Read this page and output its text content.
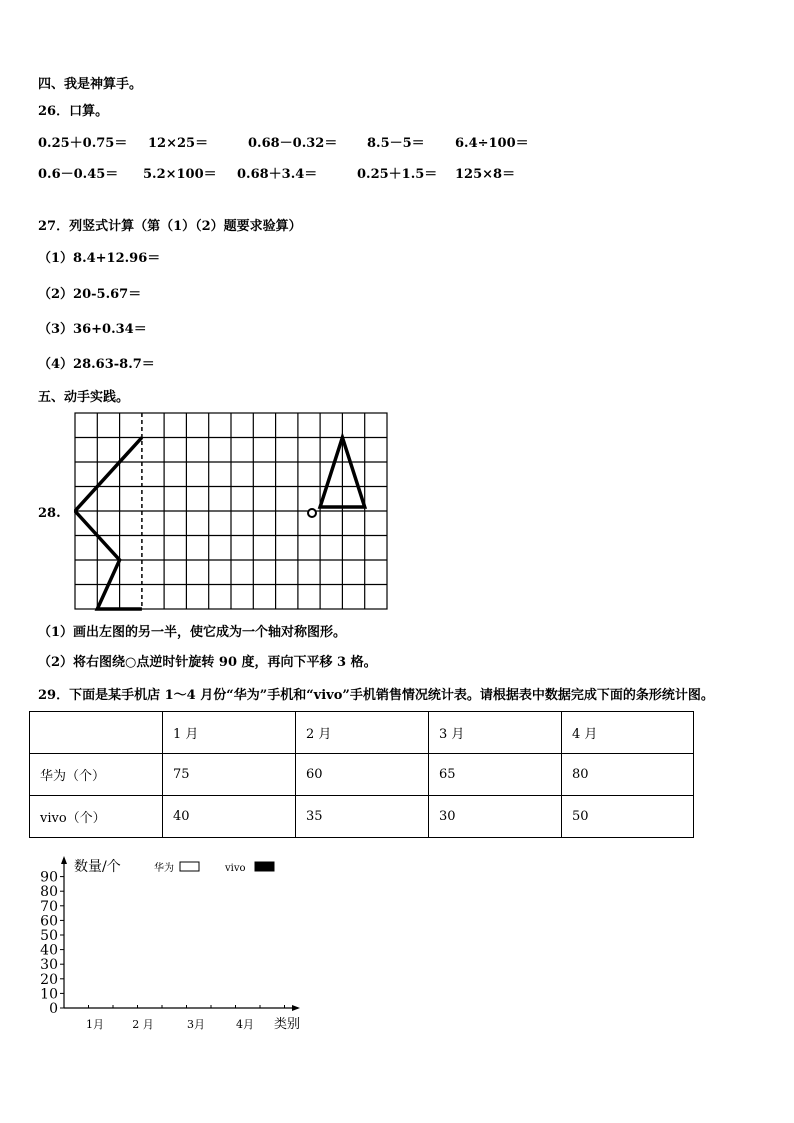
四、我是神算手。
26．口算。
0.25＋0.75＝ 12×25＝	0.68－0.32＝ 8.5－5＝ 6.4÷100＝
0.6－0.45＝ 5.2×100＝ 0.68＋3.4＝	0.25＋1.5＝ 125×8＝
27．列竖式计算（第（1）（2）题要求验算）
（1）8.4+12.96＝
（2）20-5.67＝
（3）36+0.34＝
（4）28.63-8.7＝
五、动手实践。
28.
（1）画出左图的另一半，使它成为一个轴对称图形。
（2）将右图绕○点逆时针旋转 90 度，再向下平移 3 格。
29．下面是某手机店 1～4 月份“华为”手机和“vivo”手机销售情况统计表。请根据表中数据完成下面的条形统计图。
	1 月	2 月	3 月	4 月
华为（个）	75	60	65	80
vivo（个）	40	35	30	50
0
10
20
30
40
50
60
70
80
90
1月	2 月	3月	4月
华为	vivo
数量/个
类别
